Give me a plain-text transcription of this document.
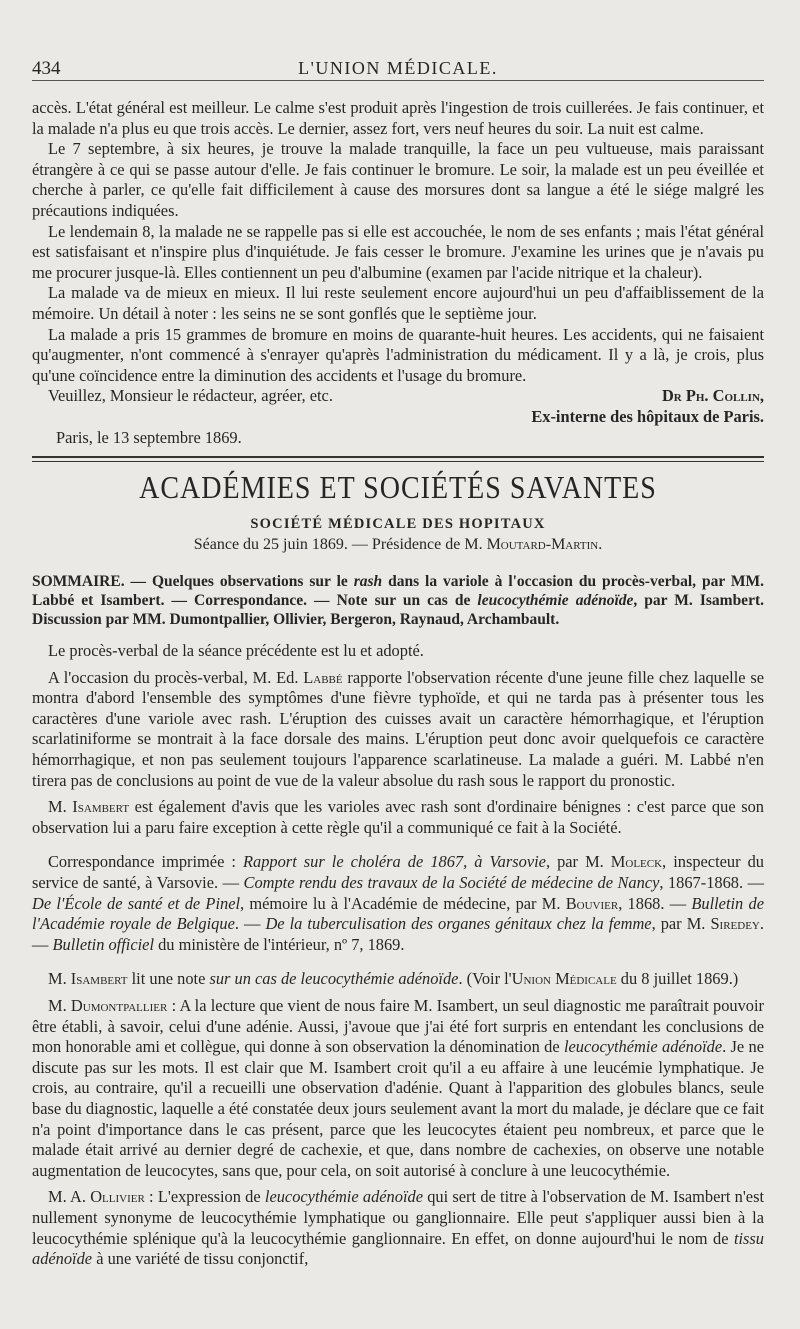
434	L'UNION MÉDICALE.

accès. L'état général est meilleur. Le calme s'est produit après l'ingestion de trois cuillerées. Je fais continuer, et la malade n'a plus eu que trois accès. Le dernier, assez fort, vers neuf heures du soir. La nuit est calme.

Le 7 septembre, à six heures, je trouve la malade tranquille, la face un peu vultueuse, mais paraissant étrangère à ce qui se passe autour d'elle. Je fais continuer le bromure. Le soir, la malade est un peu éveillée et cherche à parler, ce qu'elle fait difficilement à cause des morsures dont sa langue a été le siége malgré les précautions indiquées.

Le lendemain 8, la malade ne se rappelle pas si elle est accouchée, le nom de ses enfants ; mais l'état général est satisfaisant et n'inspire plus d'inquiétude. Je fais cesser le bromure. J'examine les urines que je n'avais pu me procurer jusque-là. Elles contiennent un peu d'albumine (examen par l'acide nitrique et la chaleur).

La malade va de mieux en mieux. Il lui reste seulement encore aujourd'hui un peu d'affaiblissement de la mémoire. Un détail à noter : les seins ne se sont gonflés que le septième jour.

La malade a pris 15 grammes de bromure en moins de quarante-huit heures. Les accidents, qui ne faisaient qu'augmenter, n'ont commencé à s'enrayer qu'après l'administration du médicament. Il y a là, je crois, plus qu'une coïncidence entre la diminution des accidents et l'usage du bromure.

Veuillez, Monsieur le rédacteur, agréer, etc.	Dr Ph. Collin,

Ex-interne des hôpitaux de Paris.

Paris, le 13 septembre 1869.

ACADÉMIES ET SOCIÉTÉS SAVANTES
SOCIÉTÉ MÉDICALE DES HOPITAUX
Séance du 25 juin 1869. — Présidence de M. Moutard-Martin.

SOMMAIRE. — Quelques observations sur le rash dans la variole à l'occasion du procès-verbal, par MM. Labbé et Isambert. — Correspondance. — Note sur un cas de leucocythémie adénoïde, par M. Isambert. Discussion par MM. Dumontpallier, Ollivier, Bergeron, Raynaud, Archambault.

Le procès-verbal de la séance précédente est lu et adopté.

A l'occasion du procès-verbal, M. Ed. Labbé rapporte l'observation récente d'une jeune fille chez laquelle se montra d'abord l'ensemble des symptômes d'une fièvre typhoïde, et qui ne tarda pas à présenter tous les caractères d'une variole avec rash. L'éruption des cuisses avait un caractère hémorrhagique, et l'éruption scarlatiniforme se montrait à la face dorsale des mains. L'éruption peut donc avoir quelquefois ce caractère hémorrhagique, et non pas seulement toujours l'apparence scarlatineuse. La malade a guéri. M. Labbé n'en tirera pas de conclusions au point de vue de la valeur absolue du rash sous le rapport du pronostic.

M. Isambert est également d'avis que les varioles avec rash sont d'ordinaire bénignes : c'est parce que son observation lui a paru faire exception à cette règle qu'il a communiqué ce fait à la Société.

Correspondance imprimée : Rapport sur le choléra de 1867, à Varsovie, par M. Moleck, inspecteur du service de santé, à Varsovie. — Compte rendu des travaux de la Société de médecine de Nancy, 1867-1868. — De l'École de santé et de Pinel, mémoire lu à l'Académie de médecine, par M. Bouvier, 1868. — Bulletin de l'Académie royale de Belgique. — De la tuberculisation des organes génitaux chez la femme, par M. Siredey. — Bulletin officiel du ministère de l'intérieur, nº 7, 1869.

M. Isambert lit une note sur un cas de leucocythémie adénoïde. (Voir l'Union Médicale du 8 juillet 1869.)

M. Dumontpallier : A la lecture que vient de nous faire M. Isambert, un seul diagnostic me paraîtrait pouvoir être établi, à savoir, celui d'une adénie. Aussi, j'avoue que j'ai été fort surpris en entendant les conclusions de mon honorable ami et collègue, qui donne à son observation la dénomination de leucocythémie adénoïde. Je ne discute pas sur les mots. Il est clair que M. Isambert croit qu'il a eu affaire à une leucémie lymphatique. Je crois, au contraire, qu'il a recueilli une observation d'adénie. Quant à l'apparition des globules blancs, seule base du diagnostic, laquelle a été constatée deux jours seulement avant la mort du malade, je déclare que ce fait n'a point d'importance dans le cas présent, parce que les leucocytes étaient peu nombreux, et parce que le malade était arrivé au dernier degré de cachexie, et que, dans nombre de cachexies, on observe une notable augmentation de leucocytes, sans que, pour cela, on soit autorisé à conclure à une leucocythémie.

M. A. Ollivier : L'expression de leucocythémie adénoïde qui sert de titre à l'observation de M. Isambert n'est nullement synonyme de leucocythémie lymphatique ou ganglionnaire. Elle peut s'appliquer aussi bien à la leucocythémie splénique qu'à la leucocythémie ganglionnaire. En effet, on donne aujourd'hui le nom de tissu adénoïde à une variété de tissu conjonctif,
